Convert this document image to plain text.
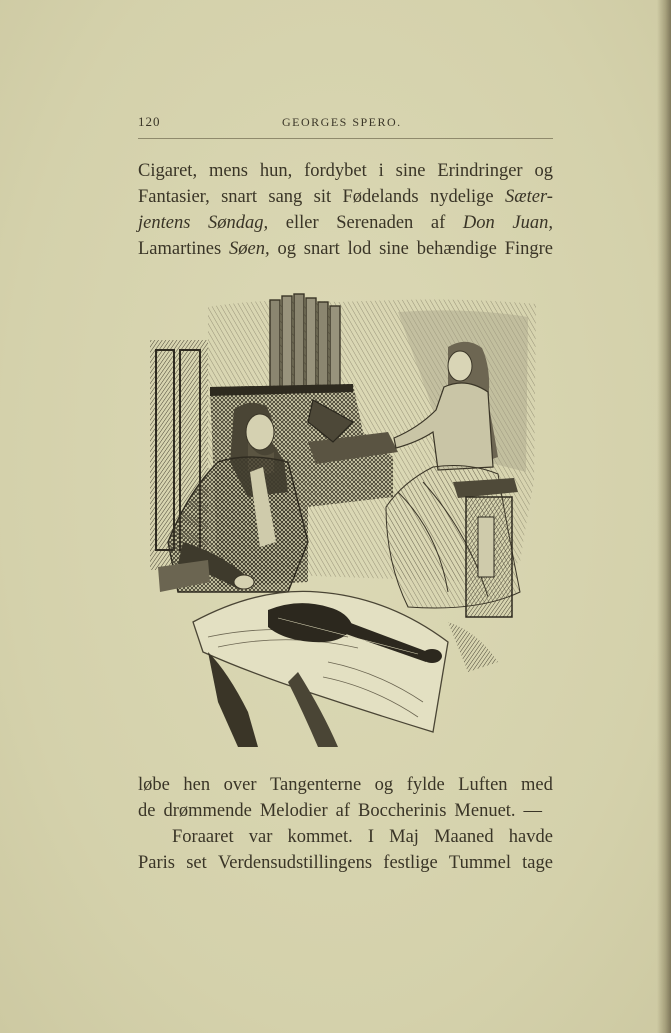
120	GEORGES SPERO.
Cigaret, mens hun, fordybet i sine Erindringer og
Fantasier, snart sang sit Fødelands nydelige Sæter-
jentens Søndag, eller Serenaden af Don Juan,
Lamartines Søen, og snart lod sine behændige Fingre
løbe hen over Tangenterne og fylde Luften med
de drømmende Melodier af Boccherinis Menuet. —
Foraaret var kommet. I Maj Maaned havde
Paris set Verdensudstillingens festlige Tummel tage
